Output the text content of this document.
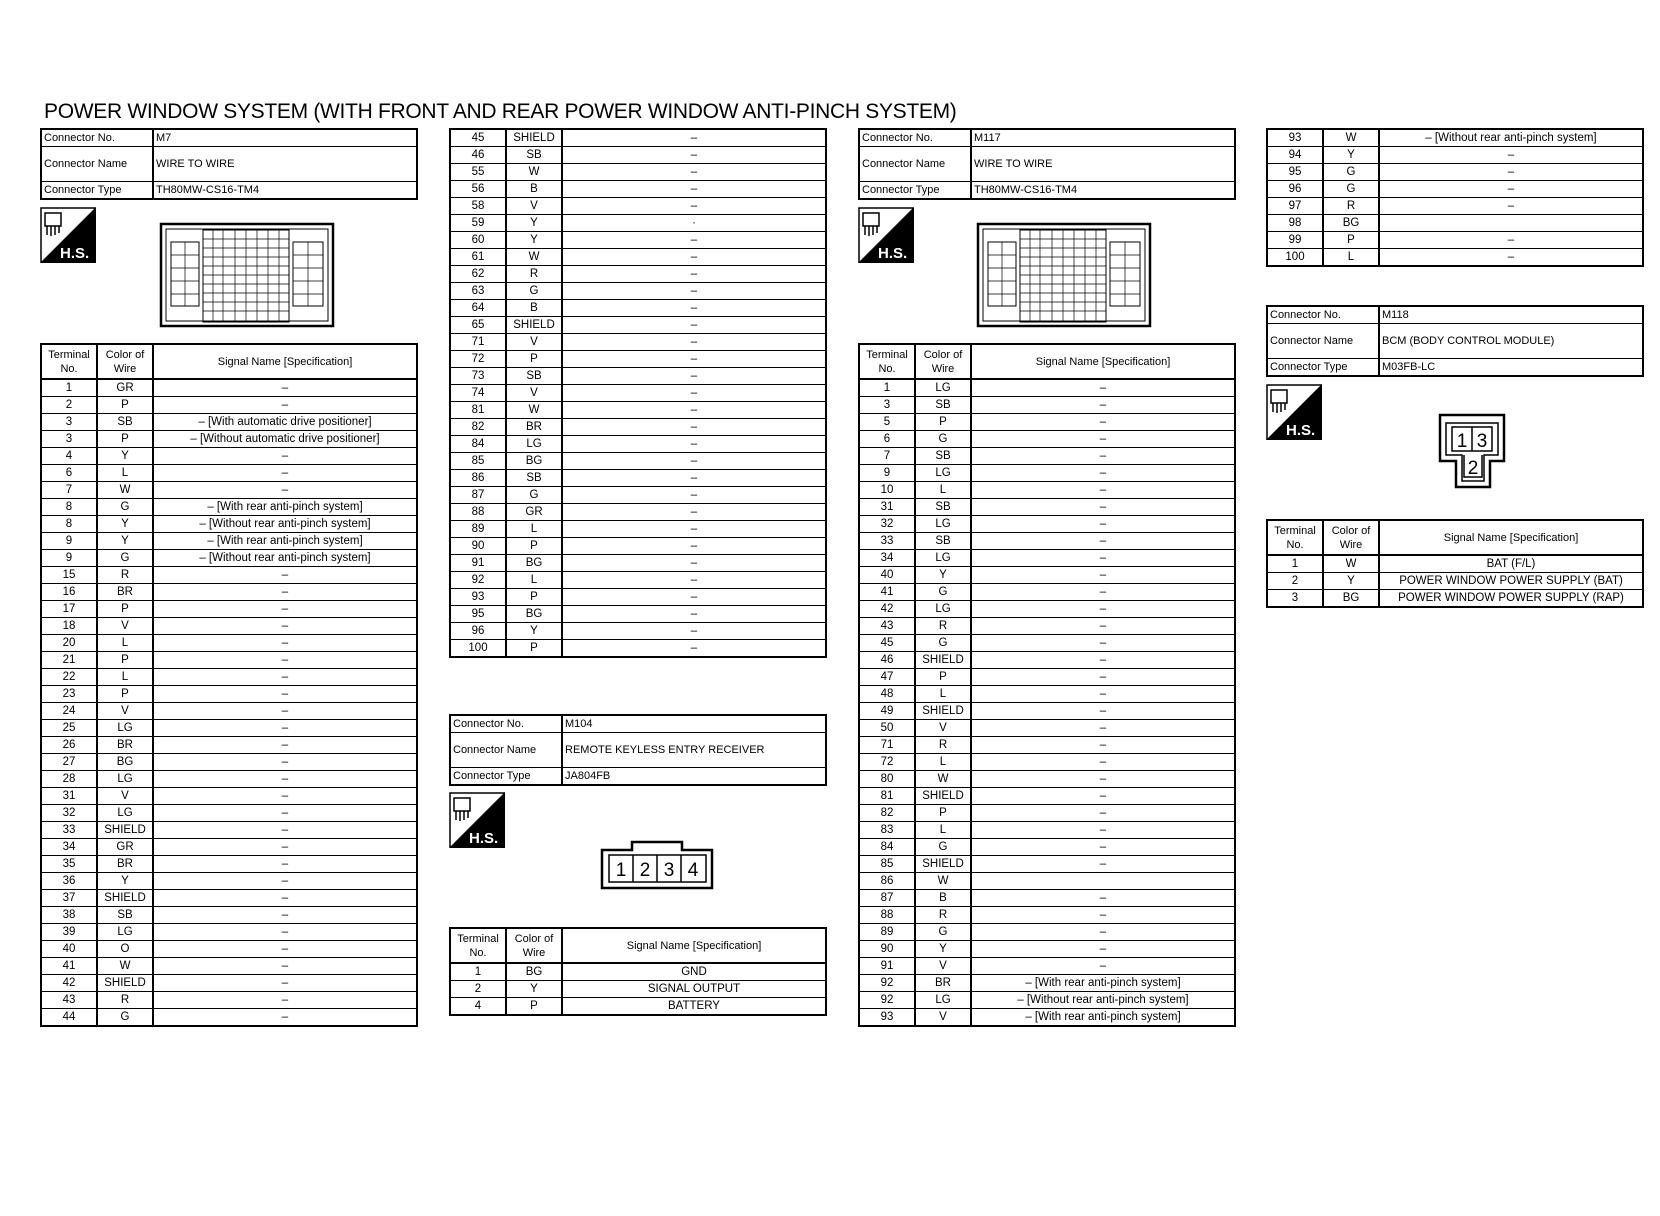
POWER WINDOW SYSTEM (WITH FRONT AND REAR POWER WINDOW ANTI-PINCH SYSTEM)
Connector No.	M7
Connector Name	WIRE TO WIRE
Connector Type	TH80MW-CS16-TM4
H.S.
Terminal No.	Color of Wire	Signal Name [Specification]
1	GR	–
2	P	–
3	SB	– [With automatic drive positioner]
3	P	– [Without automatic drive positioner]
4	Y	–
6	L	–
7	W	–
8	G	– [With rear anti-pinch system]
8	Y	– [Without rear anti-pinch system]
9	Y	– [With rear anti-pinch system]
9	G	– [Without rear anti-pinch system]
15	R	–
16	BR	–
17	P	–
18	V	–
20	L	–
21	P	–
22	L	–
23	P	–
24	V	–
25	LG	–
26	BR	–
27	BG	–
28	LG	–
31	V	–
32	LG	–
33	SHIELD	–
34	GR	–
35	BR	–
36	Y	–
37	SHIELD	–
38	SB	–
39	LG	–
40	O	–
41	W	–
42	SHIELD	–
43	R	–
44	G	–
45	SHIELD	–
46	SB	–
55	W	–
56	B	–
58	V	–
59	Y	·
60	Y	–
61	W	–
62	R	–
63	G	–
64	B	–
65	SHIELD	–
71	V	–
72	P	–
73	SB	–
74	V	–
81	W	–
82	BR	–
84	LG	–
85	BG	–
86	SB	–
87	G	–
88	GR	–
89	L	–
90	P	–
91	BG	–
92	L	–
93	P	–
95	BG	–
96	Y	–
100	P	–
Connector No.	M104
Connector Name	REMOTE KEYLESS ENTRY RECEIVER
Connector Type	JA804FB
H.S.
1 2 3 4
Terminal No.	Color of Wire	Signal Name [Specification]
1	BG	GND
2	Y	SIGNAL OUTPUT
4	P	BATTERY
Connector No.	M117
Connector Name	WIRE TO WIRE
Connector Type	TH80MW-CS16-TM4
H.S.
Terminal No.	Color of Wire	Signal Name [Specification]
1	LG	–
3	SB	–
5	P	–
6	G	–
7	SB	–
9	LG	–
10	L	–
31	SB	–
32	LG	–
33	SB	–
34	LG	–
40	Y	–
41	G	–
42	LG	–
43	R	–
45	G	–
46	SHIELD	–
47	P	–
48	L	–
49	SHIELD	–
50	V	–
71	R	–
72	L	–
80	W	–
81	SHIELD	–
82	P	–
83	L	–
84	G	–
85	SHIELD	–
86	W	
87	B	–
88	R	–
89	G	–
90	Y	–
91	V	–
92	BR	– [With rear anti-pinch system]
92	LG	– [Without rear anti-pinch system]
93	V	– [With rear anti-pinch system]
93	W	– [Without rear anti-pinch system]
94	Y	–
95	G	–
96	G	–
97	R	–
98	BG	
99	P	–
100	L	–
Connector No.	M118
Connector Name	BCM (BODY CONTROL MODULE)
Connector Type	M03FB-LC
H.S.
1 3
2
Terminal No.	Color of Wire	Signal Name [Specification]
1	W	BAT (F/L)
2	Y	POWER WINDOW POWER SUPPLY (BAT)
3	BG	POWER WINDOW POWER SUPPLY (RAP)
